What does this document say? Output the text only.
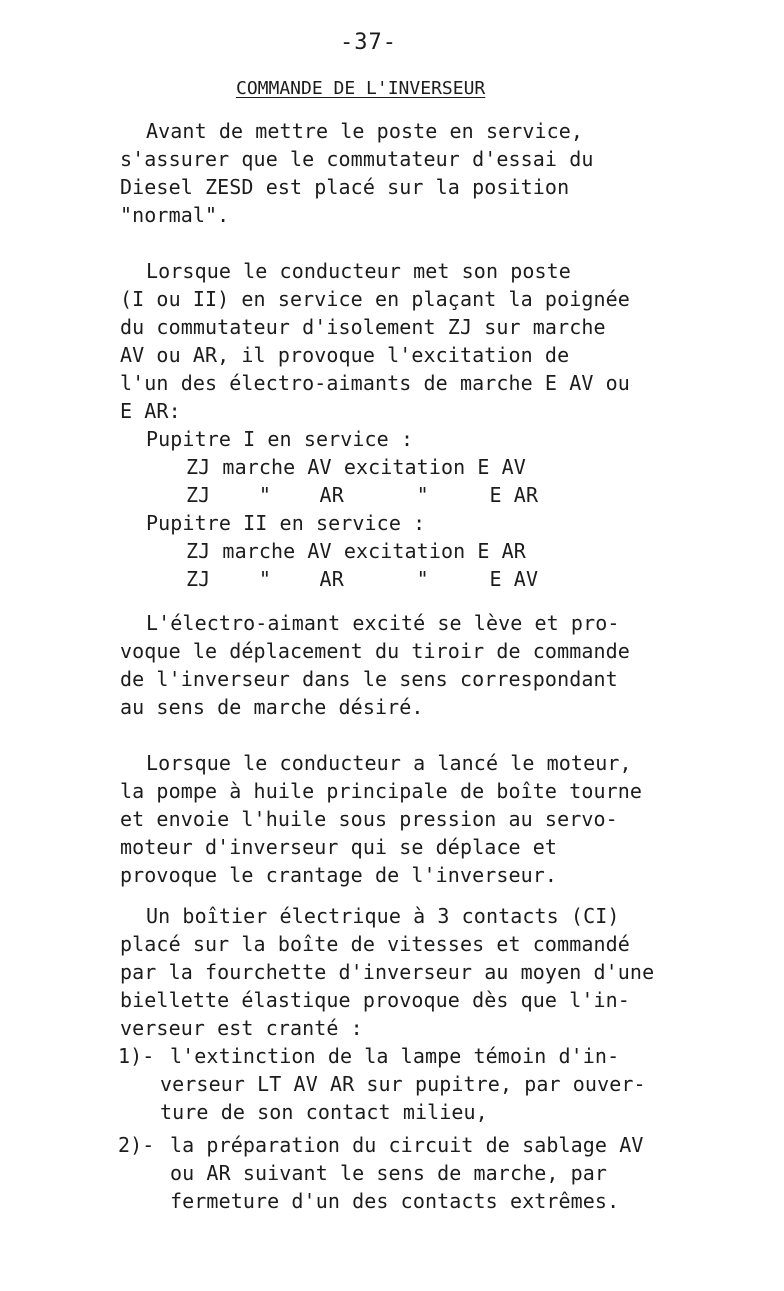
-37-
COMMANDE DE L'INVERSEUR
Avant de mettre le poste en service,
s'assurer que le commutateur d'essai du
Diesel ZESD est placé sur la position
"normal".
Lorsque le conducteur met son poste
(I ou II) en service en plaçant la poignée
du commutateur d'isolement ZJ sur marche
AV ou AR, il provoque l'excitation de
l'un des électro-aimants de marche E AV ou
E AR:
Pupitre I en service :
ZJ marche AV excitation E AV
ZJ    "    AR      "     E AR
Pupitre II en service :
ZJ marche AV excitation E AR
ZJ    "    AR      "     E AV
L'électro-aimant excité se lève et pro-
voque le déplacement du tiroir de commande
de l'inverseur dans le sens correspondant
au sens de marche désiré.
Lorsque le conducteur a lancé le moteur,
la pompe à huile principale de boîte tourne
et envoie l'huile sous pression au servo-
moteur d'inverseur qui se déplace et
provoque le crantage de l'inverseur.
Un boîtier électrique à 3 contacts (CI)
placé sur la boîte de vitesses et commandé
par la fourchette d'inverseur au moyen d'une
biellette élastique provoque dès que l'in-
verseur est cranté :
1)- l'extinction de la lampe témoin d'in-
verseur LT AV AR sur pupitre, par ouver-
ture de son contact milieu,
2)- la préparation du circuit de sablage AV
ou AR suivant le sens de marche, par
fermeture d'un des contacts extrêmes.
